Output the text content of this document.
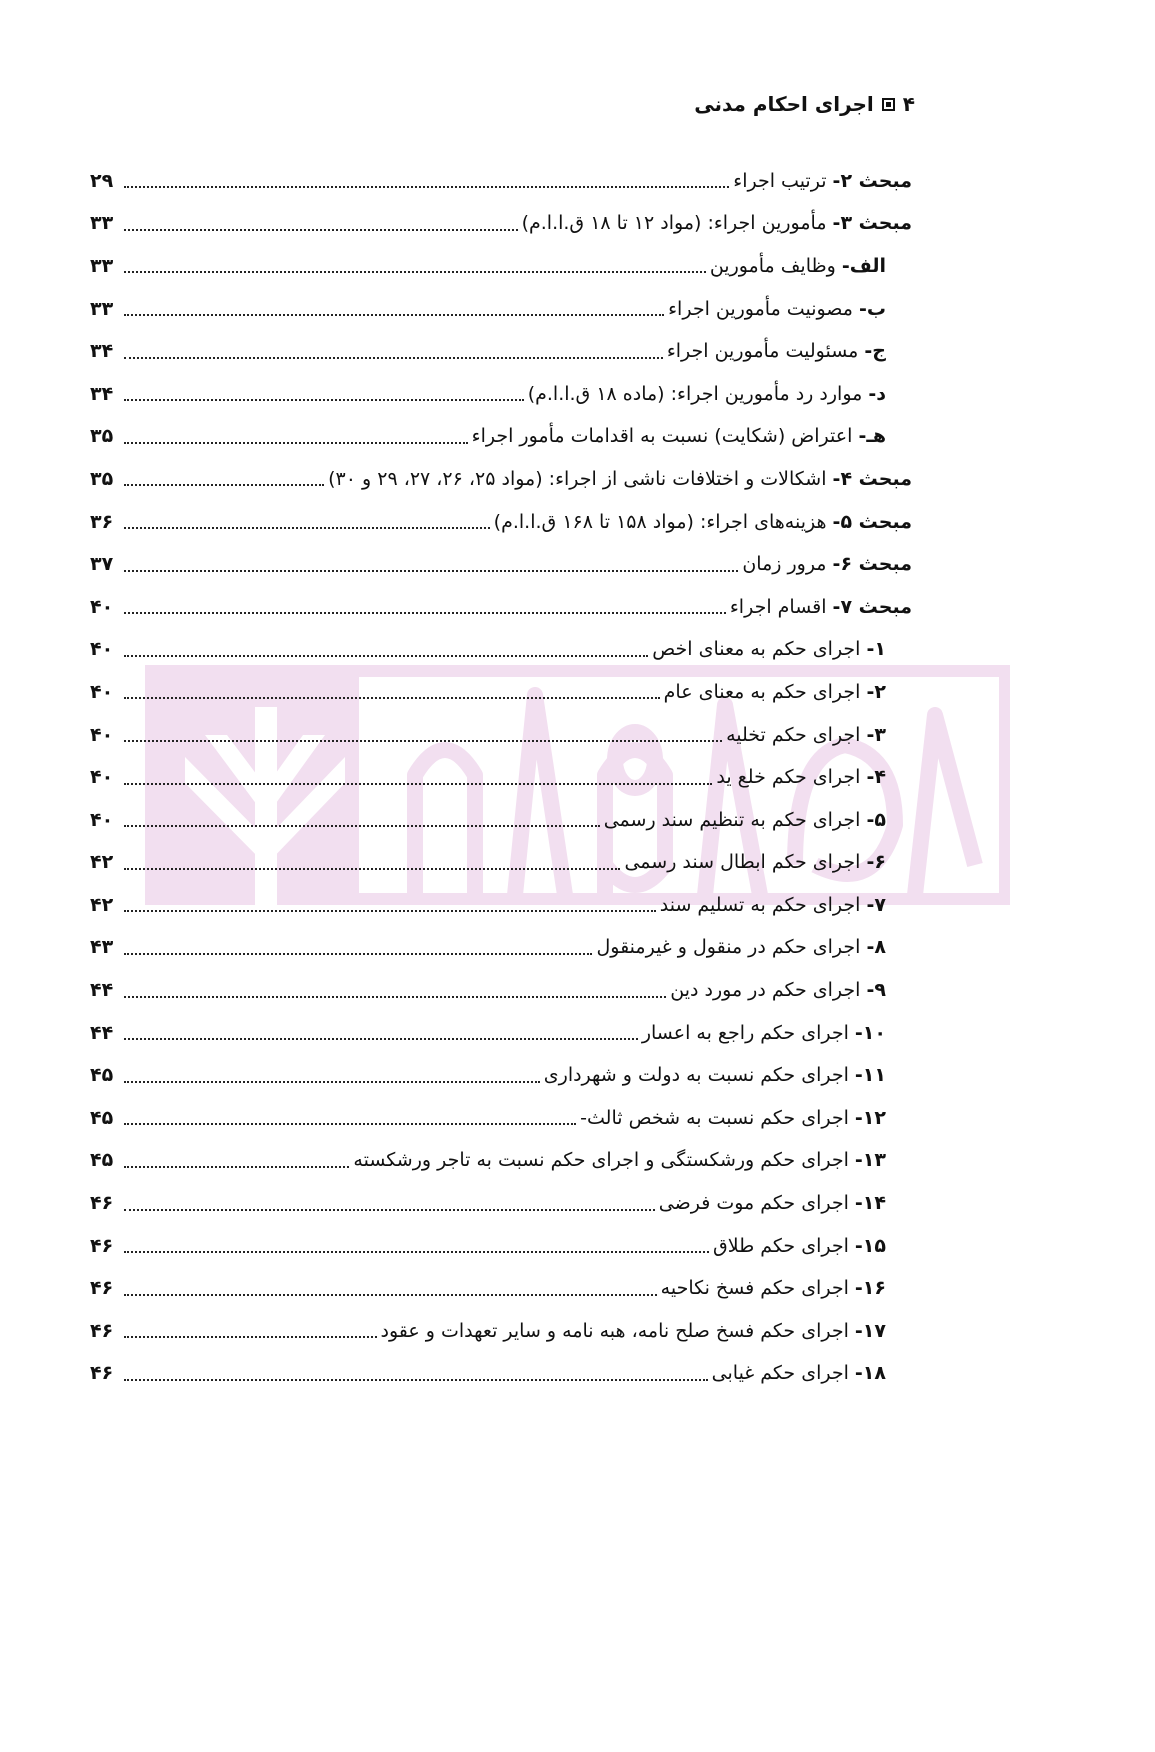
۴
اجرای احکام مدنی
مبحث ۲-

ترتیب اجراء
۲۹
مبحث ۳-

مأمورین اجراء: (مواد ۱۲ تا ۱۸ ق.ا.ا.م)
۳۳
الف-

وظایف مأمورین
۳۳
ب-

مصونیت مأمورین اجراء
۳۳
ج-

مسئولیت مأمورین اجراء
۳۴
د-

موارد رد مأمورین اجراء: (ماده ۱۸ ق.ا.ا.م)
۳۴
هـ-

اعتراض (شکایت) نسبت به اقدامات مأمور اجراء
۳۵
مبحث ۴-

اشکالات و اختلافات ناشی از اجراء: (مواد ۲۵، ۲۶، ۲۷، ۲۹ و ۳۰)
۳۵
مبحث ۵-

هزینه‌های اجراء: (مواد ۱۵۸ تا ۱۶۸ ق.ا.ا.م)
۳۶
مبحث ۶-

مرور زمان
۳۷
مبحث ۷-

اقسام اجراء
۴۰
۱-

اجرای حکم به معنای اخص
۴۰
۲-

اجرای حکم به معنای عام
۴۰
۳-

اجرای حکم تخلیه
۴۰
۴-

اجرای حکم خلع ید
۴۰
۵-

اجرای حکم به تنظیم سند رسمی
۴۰
۶-

اجرای حکم ابطال سند رسمی
۴۲
۷-

اجرای حکم به تسلیم سند
۴۲
۸-

اجرای حکم در منقول و غیرمنقول
۴۳
۹-

اجرای حکم در مورد دین
۴۴
۱۰-

اجرای حکم راجع به اعسار
۴۴
۱۱-

اجرای حکم نسبت به دولت و شهرداری
۴۵
۱۲-

اجرای حکم نسبت به شخص ثالث-
۴۵
۱۳-

اجرای حکم ورشکستگی و اجرای حکم نسبت به تاجر ورشکسته
۴۵
۱۴-

اجرای حکم موت فرضی
۴۶
۱۵-

اجرای حکم طلاق
۴۶
۱۶-

اجرای حکم فسخ نکاحیه
۴۶
۱۷-

اجرای حکم فسخ صلح نامه، هبه نامه و سایر تعهدات و عقود
۴۶
۱۸-

اجرای حکم غیابی
۴۶
